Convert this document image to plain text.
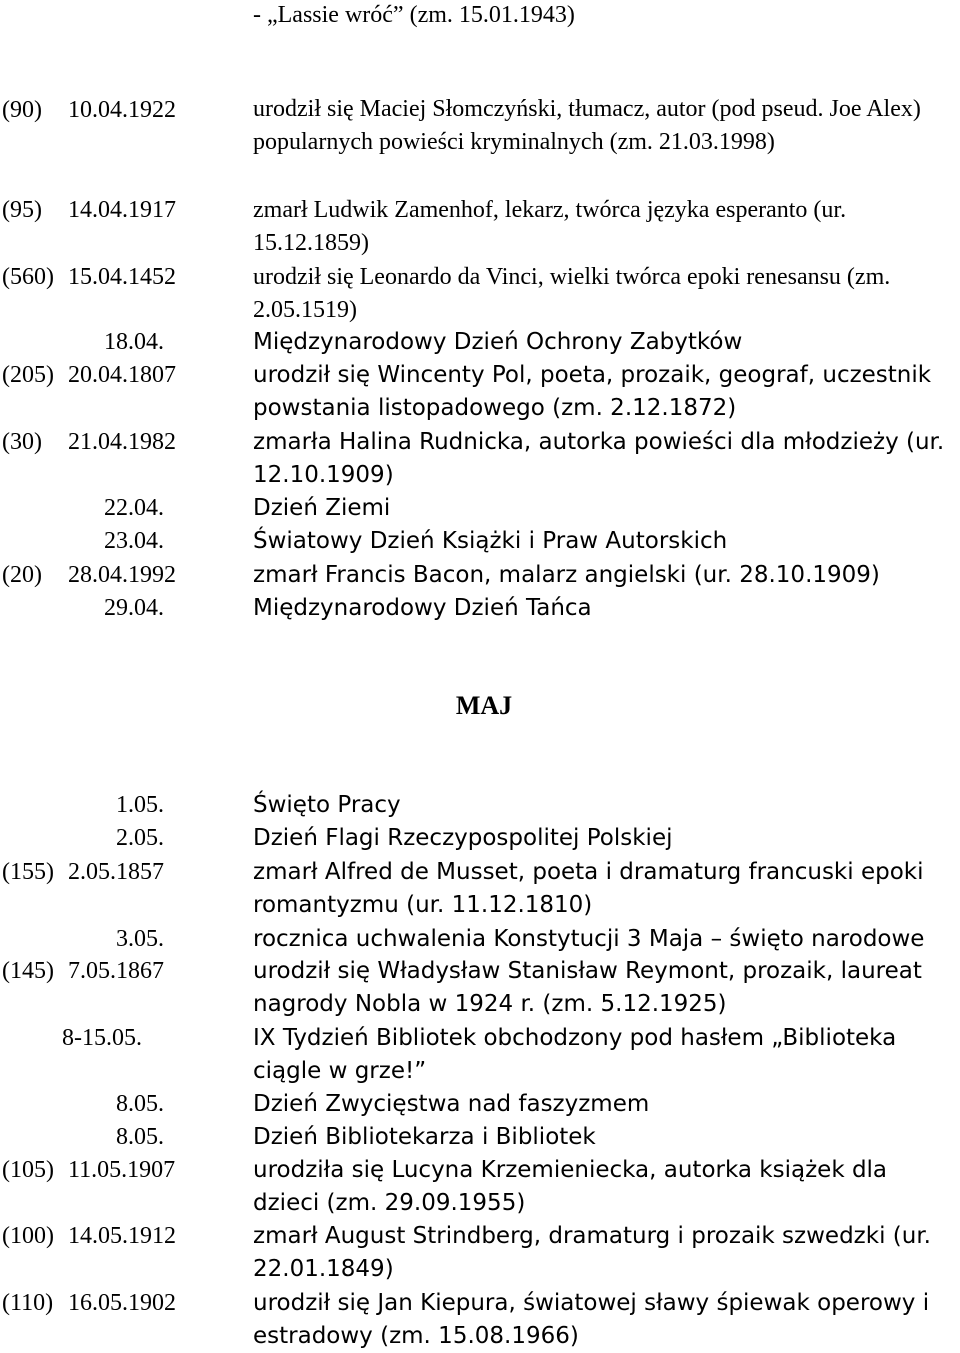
- „Lassie wróć” (zm. 15.01.1943)
(90)	10.04.1922	urodził się Maciej Słomczyński, tłumacz, autor (pod pseud. Joe Alex) popularnych powieści kryminalnych (zm. 21.03.1998)
(95)	14.04.1917	zmarł Ludwik Zamenhof, lekarz, twórca języka esperanto (ur. 15.12.1859)
(560) 15.04.1452	urodził się Leonardo da Vinci, wielki twórca epoki renesansu (zm. 2.05.1519)
18.04.	Międzynarodowy Dzień Ochrony Zabytków
(205) 20.04.1807	urodził się Wincenty Pol, poeta, prozaik, geograf, uczestnik powstania listopadowego (zm. 2.12.1872)
(30)	21.04.1982	zmarła Halina Rudnicka, autorka powieści dla młodzieży (ur. 12.10.1909)
22.04.	Dzień Ziemi
23.04.	Światowy Dzień Książki i Praw Autorskich
(20)	28.04.1992	zmarł Francis Bacon, malarz angielski (ur. 28.10.1909)
29.04.	Międzynarodowy Dzień Tańca
MAJ
1.05.	Święto Pracy
2.05.	Dzień Flagi Rzeczypospolitej Polskiej
(155) 2.05.1857	zmarł Alfred de Musset, poeta i dramaturg francuski epoki romantyzmu (ur. 11.12.1810)
3.05.	rocznica uchwalenia Konstytucji 3 Maja – święto narodowe
(145) 7.05.1867	urodził się Władysław Stanisław Reymont, prozaik, laureat nagrody Nobla w 1924 r. (zm. 5.12.1925)
8-15.05.	IX Tydzień Bibliotek obchodzony pod hasłem „Biblioteka ciągle w grze!”
8.05.	Dzień Zwycięstwa nad faszyzmem
8.05.	Dzień Bibliotekarza i Bibliotek
(105) 11.05.1907	urodziła się Lucyna Krzemieniecka, autorka książek dla dzieci (zm. 29.09.1955)
(100) 14.05.1912	zmarł August Strindberg, dramaturg i prozaik szwedzki (ur. 22.01.1849)
(110) 16.05.1902	urodził się Jan Kiepura, światowej sławy śpiewak operowy i estradowy (zm. 15.08.1966)
